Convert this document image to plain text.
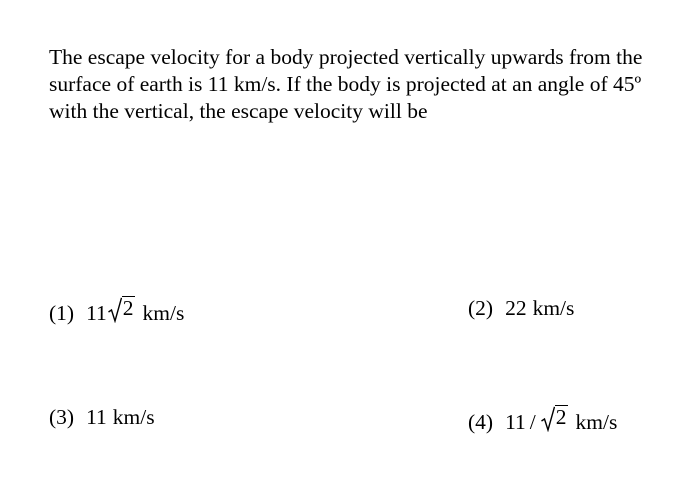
The escape velocity for a body projected vertically upwards from the surface of earth is 11 km/s. If the body is projected at an angle of 45º with the vertical, the escape velocity will be

(1) 11 2 km/s	(2) 22 km/s
(3) 11 km/s	(4) 11 / 2 km/s
